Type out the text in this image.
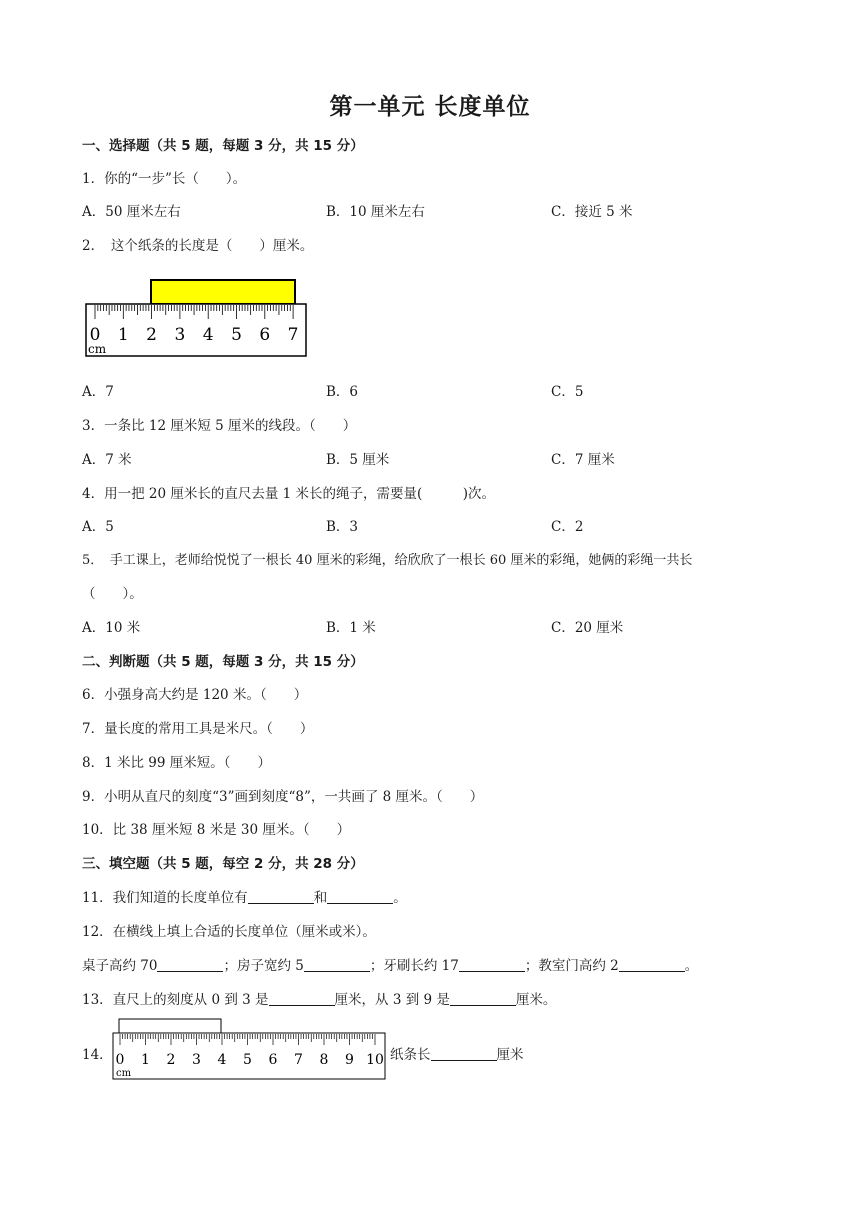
第一单元 长度单位
一、选择题（共 5 题，每题 3 分，共 15 分）
1．你的“一步”长（　　）。
A．50 厘米左右	B．10 厘米左右	C．接近 5 米
2．　这个纸条的长度是（　　）厘米。
0 1 2 3 4 5 6 7
cm
A．7	B．6	C．5
3．一条比 12 厘米短 5 厘米的线段。（　　）
A．7 米	B．5 厘米	C．7 厘米
4．用一把 20 厘米长的直尺去量 1 米长的绳子，需要量(　　　)次。
A．5	B．3	C．2
5．　手工课上，老师给悦悦了一根长 40 厘米的彩绳，给欣欣了一根长 60 厘米的彩绳，她俩的彩绳一共长
（　　）。
A．10 米	B．1 米	C．20 厘米
二、判断题（共 5 题，每题 3 分，共 15 分）
6．小强身高大约是 120 米。（　　）
7．量长度的常用工具是米尺。（　　）
8．1 米比 99 厘米短。（　　）
9．小明从直尺的刻度“3”画到刻度“8”，一共画了 8 厘米。（　　）
10．比 38 厘米短 8 米是 30 厘米。（　　）
三、填空题（共 5 题，每空 2 分，共 28 分）
11．我们知道的长度单位有	和	。
12．在横线上填上合适的长度单位（厘米或米）。
桌子高约 70	；房子宽约 5	；牙刷长约 17	；教室门高约 2	。
13．直尺上的刻度从 0 到 3 是	厘米，从 3 到 9 是	厘米。
14． 0 1 2 3 4 5 6 7 8 9 10
cm
纸条长	厘米
